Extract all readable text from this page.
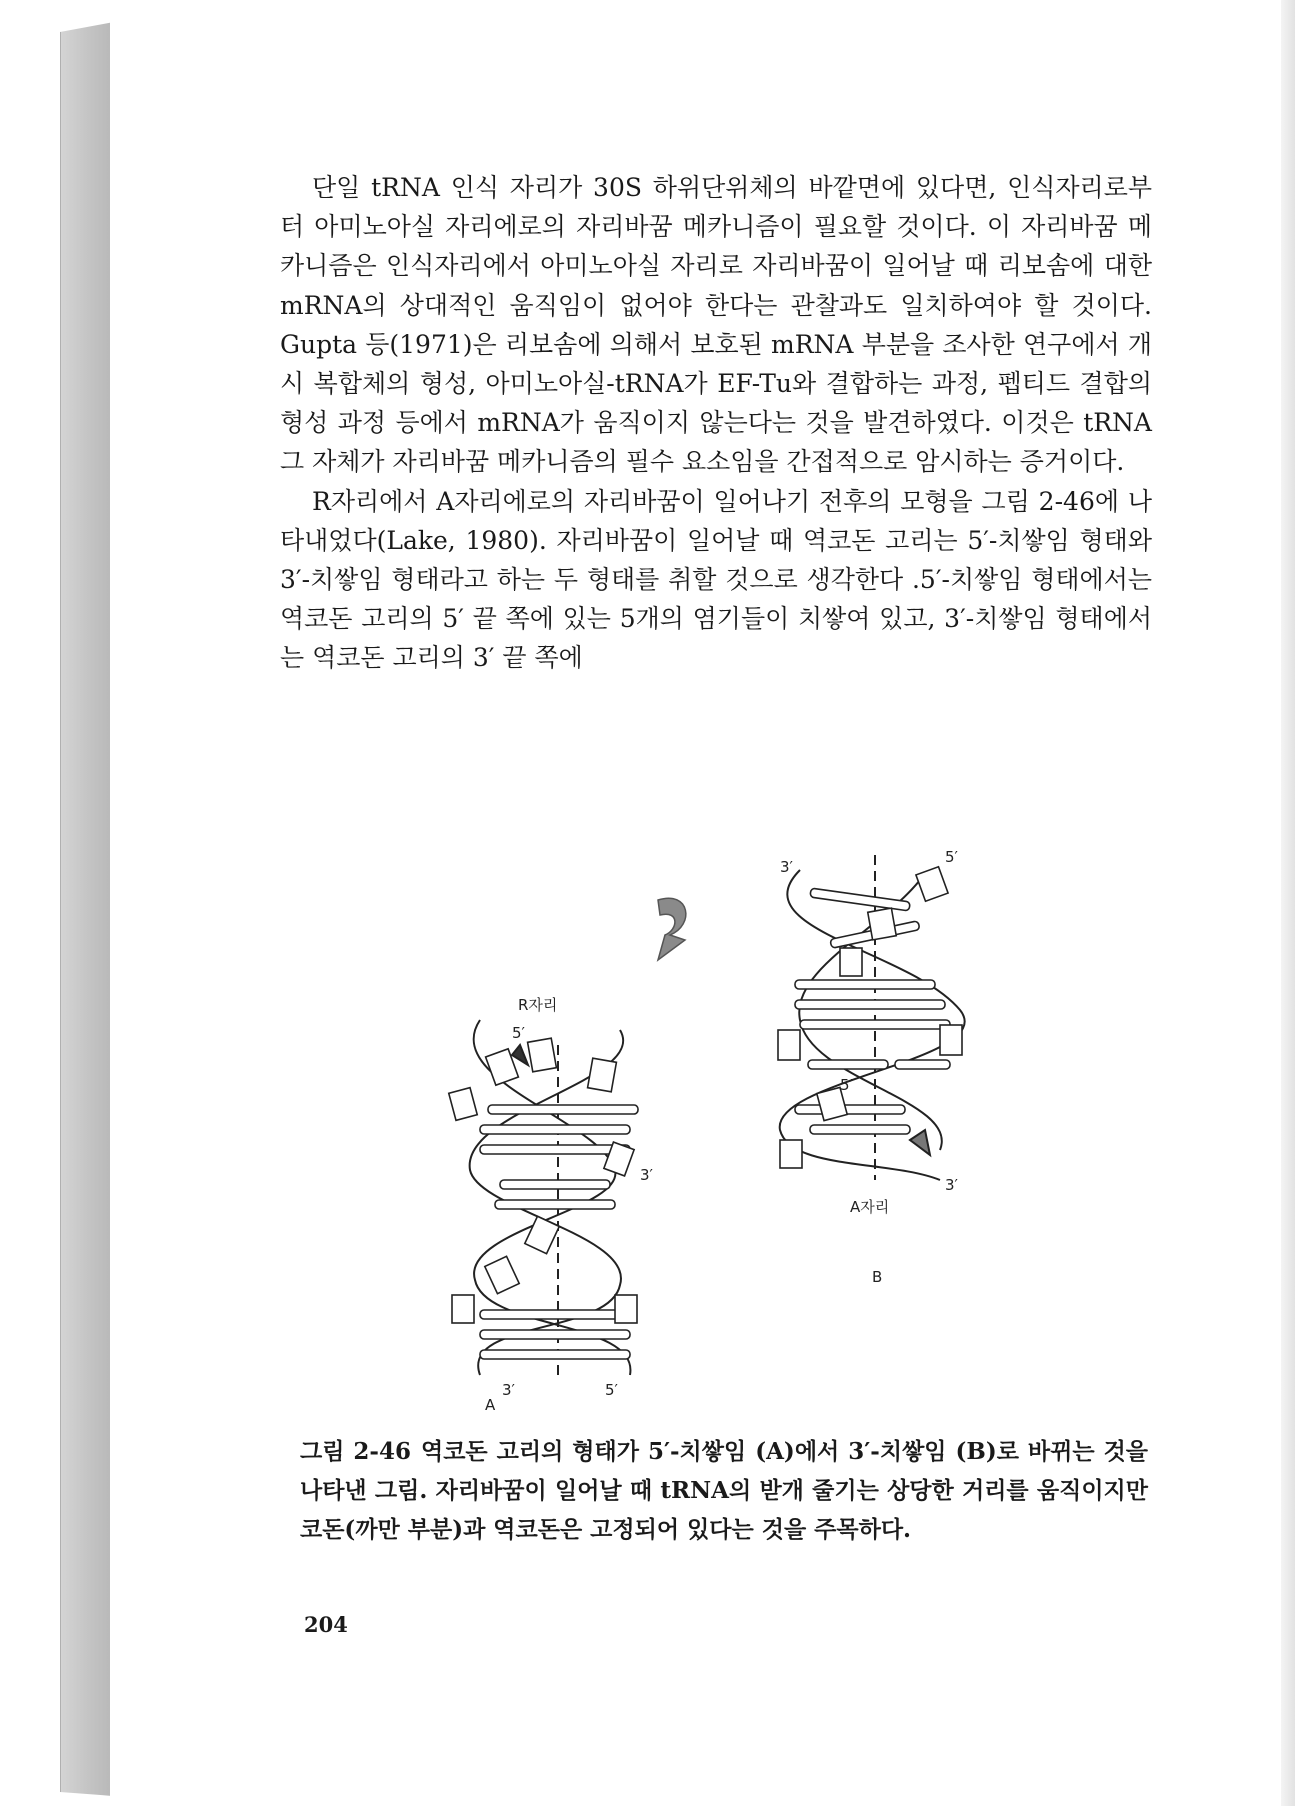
단일 tRNA 인식 자리가 30S 하위단위체의 바깥면에 있다면, 인식자리로부터 아미노아실 자리에로의 자리바꿈 메카니즘이 필요할 것이다. 이 자리바꿈 메카니즘은 인식자리에서 아미노아실 자리로 자리바꿈이 일어날 때 리보솜에 대한 mRNA의 상대적인 움직임이 없어야 한다는 관찰과도 일치하여야 할 것이다. Gupta 등(1971)은 리보솜에 의해서 보호된 mRNA 부분을 조사한 연구에서 개시 복합체의 형성, 아미노아실-tRNA가 EF-Tu와 결합하는 과정, 펩티드 결합의 형성 과정 등에서 mRNA가 움직이지 않는다는 것을 발견하였다. 이것은 tRNA 그 자체가 자리바꿈 메카니즘의 필수 요소임을 간접적으로 암시하는 증거이다.

R자리에서 A자리에로의 자리바꿈이 일어나기 전후의 모형을 그림 2-46에 나타내었다(Lake, 1980). 자리바꿈이 일어날 때 역코돈 고리는 5′-치쌓임 형태와 3′-치쌓임 형태라고 하는 두 형태를 취할 것으로 생각한다 .5′-치쌓임 형태에서는 역코돈 고리의 5′ 끝 쪽에 있는 5개의 염기들이 치쌓여 있고, 3′-치쌓임 형태에서는 역코돈 고리의 3′ 끝 쪽에

R자리
5′
3′
3′	5′
A
3′
5′
5′
3′
A자리
B
그림 2-46 역코돈 고리의 형태가 5′-치쌓임 (A)에서 3′-치쌓임 (B)로 바뀌는 것을 나타낸 그림. 자리바꿈이 일어날 때 tRNA의 받개 줄기는 상당한 거리를 움직이지만 코돈(까만 부분)과 역코돈은 고정되어 있다는 것을 주목하다.
204
